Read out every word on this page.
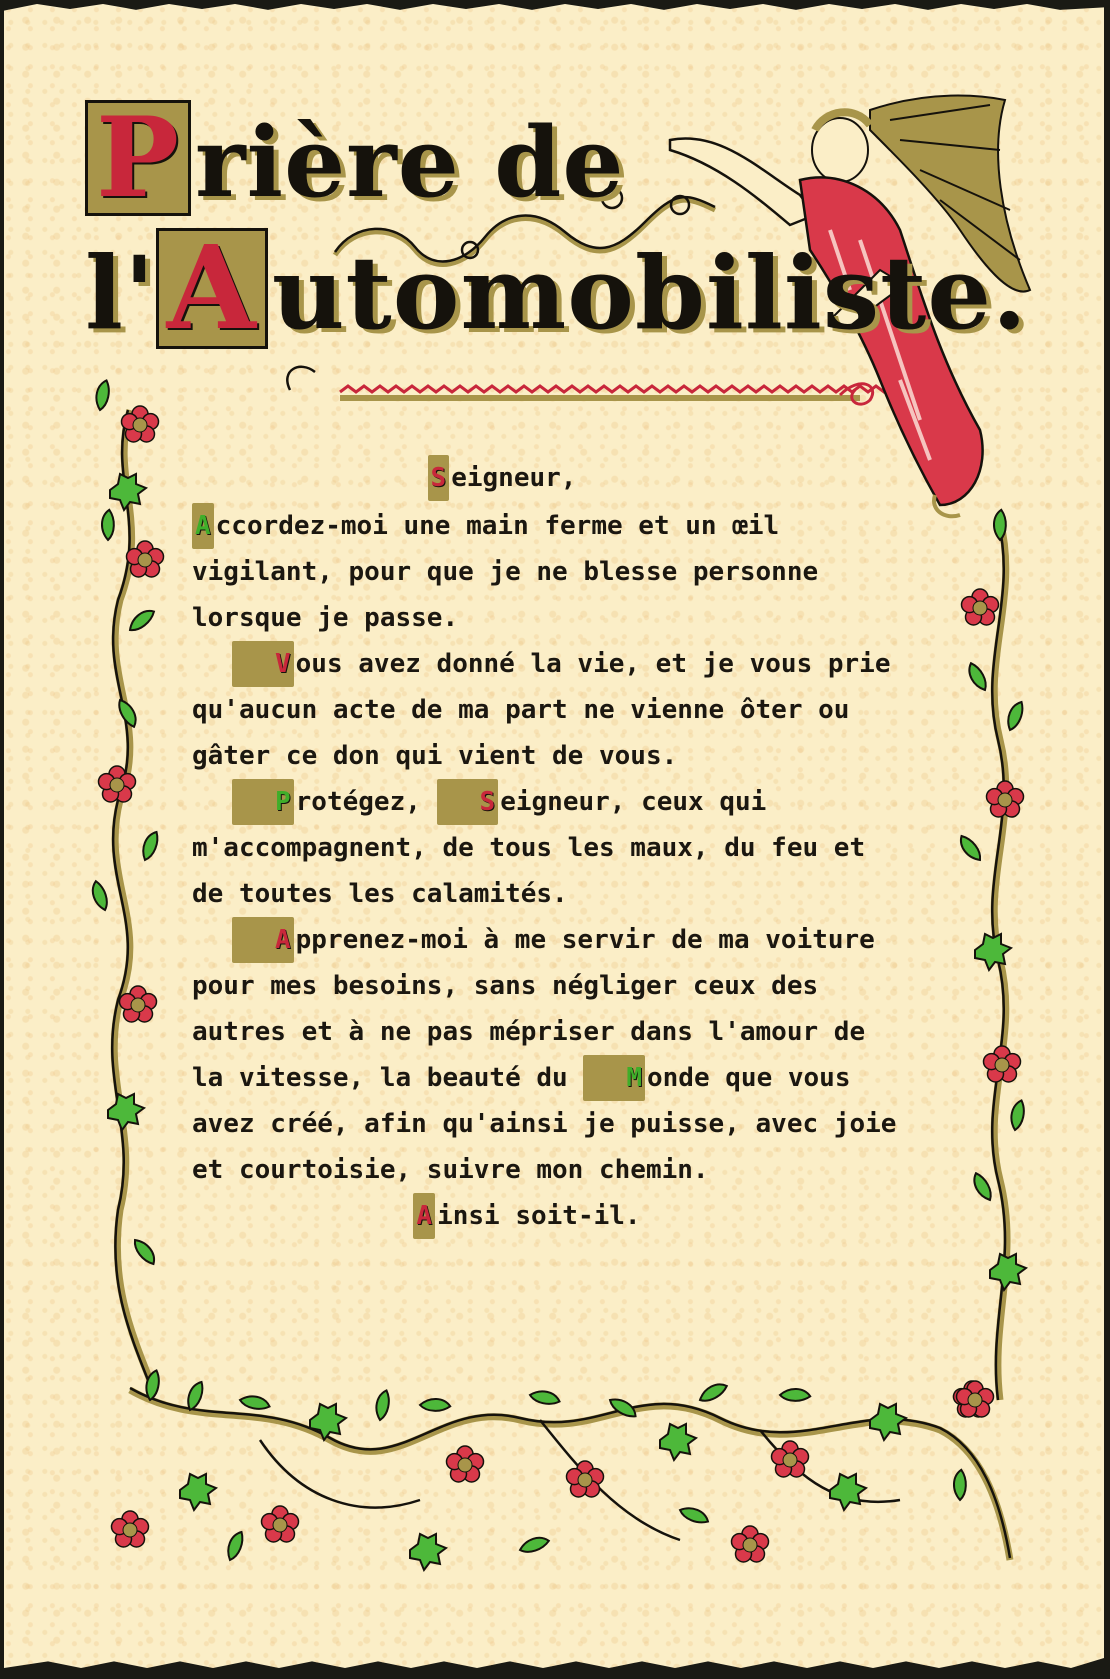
P rière de
l'A utomobiliste.

S eigneur,

A ccordez-moi une main ferme et un œil vigilant, pour que je ne blesse personne lorsque je passe.

V ous avez donné la vie, et je vous prie qu'aucun acte de ma part ne vienne ôter ou gâter ce don qui vient de vous.

P rotégez, S eigneur, ceux qui m'accompagnent, de tous les maux, du feu et de toutes les calamités.

A pprenez-moi à me servir de ma voiture pour mes besoins, sans négliger ceux des autres et à ne pas mépriser dans l'amour de la vitesse, la beauté du M onde que vous avez créé, afin qu'ainsi je puisse, avec joie et courtoisie, suivre mon chemin.

A insi soit-il.
